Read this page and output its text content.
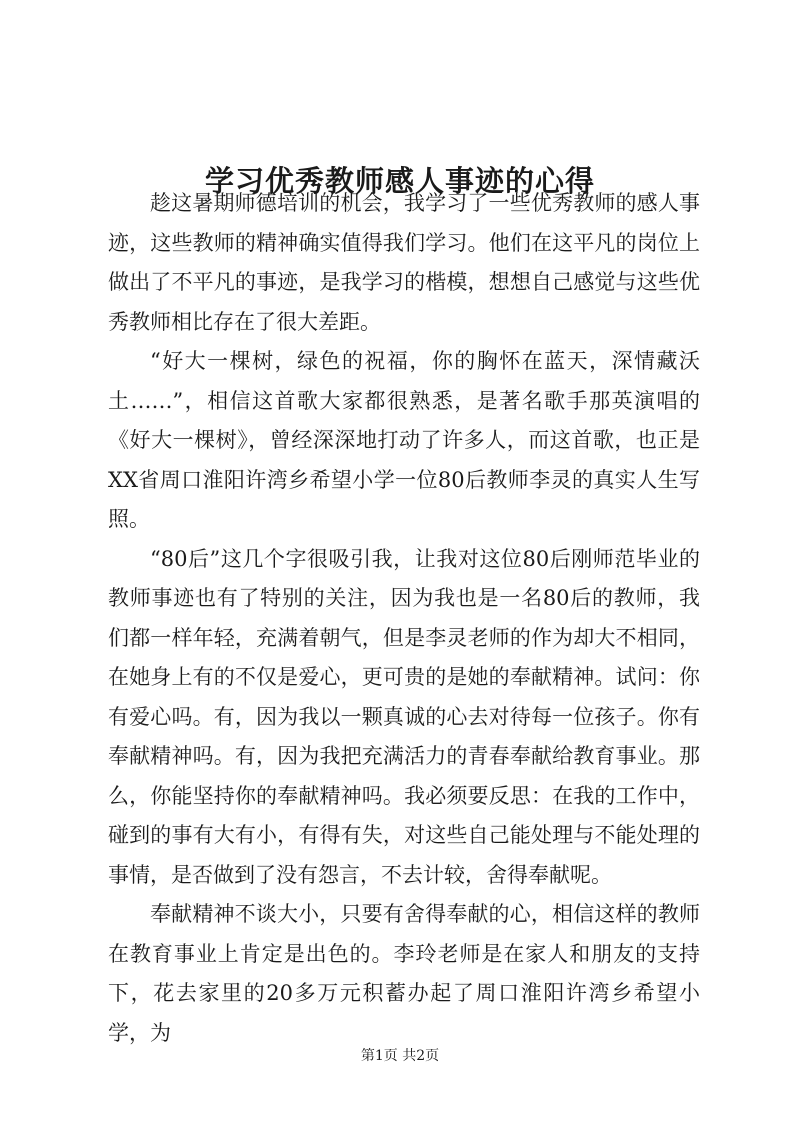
学习优秀教师感人事迹的心得

趁这暑期师德培训的机会，我学习了一些优秀教师的感人事迹，这些教师的精神确实值得我们学习。他们在这平凡的岗位上做出了不平凡的事迹，是我学习的楷模，想想自己感觉与这些优秀教师相比存在了很大差距。

“好大一棵树，绿色的祝福，你的胸怀在蓝天，深情藏沃土……”，相信这首歌大家都很熟悉，是著名歌手那英演唱的《好大一棵树》，曾经深深地打动了许多人，而这首歌，也正是XX省周口淮阳许湾乡希望小学一位80后教师李灵的真实人生写照。

“80后”这几个字很吸引我，让我对这位80后刚师范毕业的教师事迹也有了特别的关注，因为我也是一名80后的教师，我们都一样年轻，充满着朝气，但是李灵老师的作为却大不相同，在她身上有的不仅是爱心，更可贵的是她的奉献精神。试问：你有爱心吗。有，因为我以一颗真诚的心去对待每一位孩子。你有奉献精神吗。有，因为我把充满活力的青春奉献给教育事业。那么，你能坚持你的奉献精神吗。我必须要反思：在我的工作中，碰到的事有大有小，有得有失，对这些自己能处理与不能处理的事情，是否做到了没有怨言，不去计较，舍得奉献呢。

奉献精神不谈大小，只要有舍得奉献的心，相信这样的教师在教育事业上肯定是出色的。李玲老师是在家人和朋友的支持下，花去家里的20多万元积蓄办起了周口淮阳许湾乡希望小学，为

第1页 共2页
